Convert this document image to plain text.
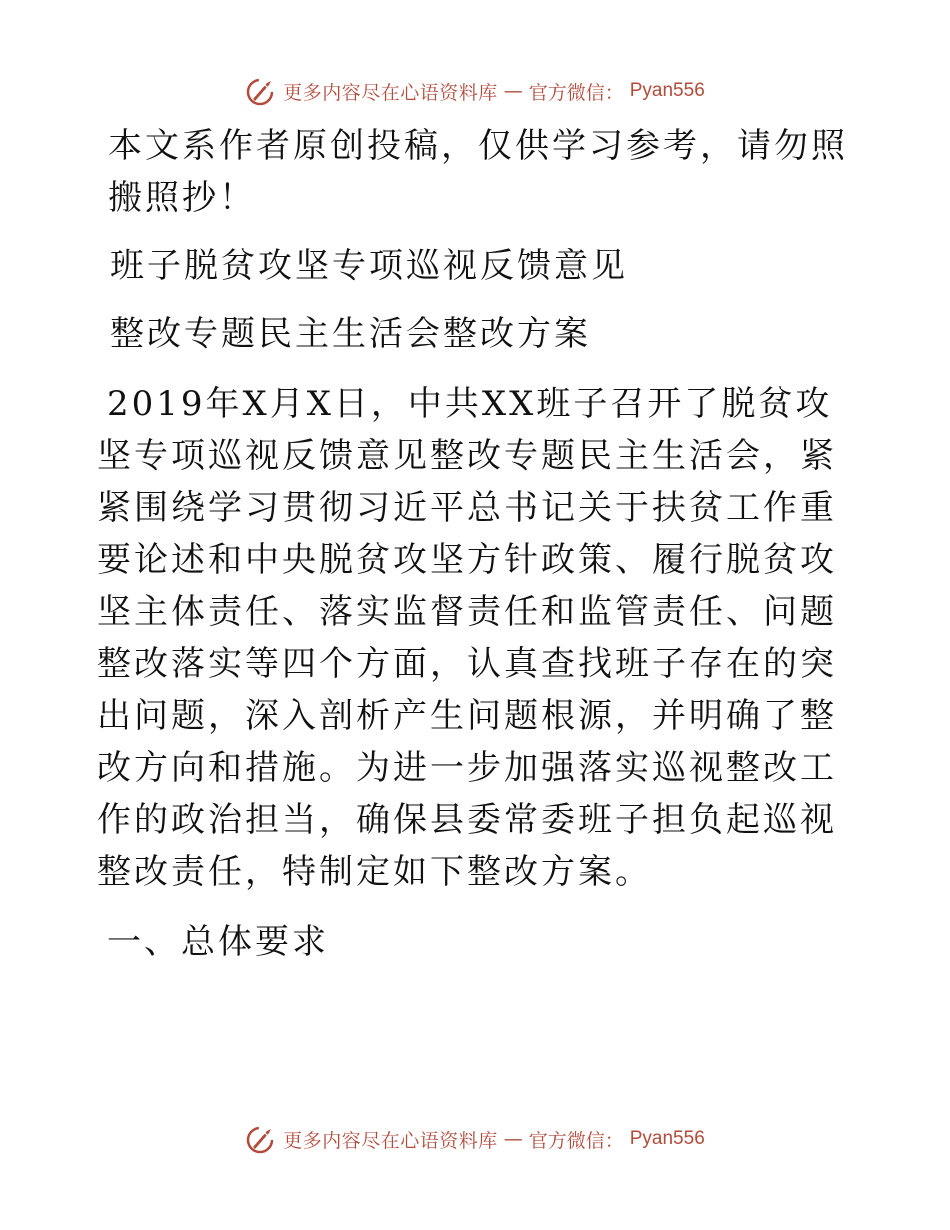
更多内容尽在心语资料库 — 官方微信： Pyan556

本文系作者原创投稿，仅供学习参考，请勿照搬照抄！

班子脱贫攻坚专项巡视反馈意见

整改专题民主生活会整改方案

2019年X月X日，中共XX班子召开了脱贫攻坚专项巡视反馈意见整改专题民主生活会，紧紧围绕学习贯彻习近平总书记关于扶贫工作重要论述和中央脱贫攻坚方针政策、履行脱贫攻坚主体责任、落实监督责任和监管责任、问题整改落实等四个方面，认真查找班子存在的突出问题，深入剖析产生问题根源，并明确了整改方向和措施。为进一步加强落实巡视整改工作的政治担当，确保县委常委班子担负起巡视整改责任，特制定如下整改方案。

一、总体要求

更多内容尽在心语资料库 — 官方微信： Pyan556
